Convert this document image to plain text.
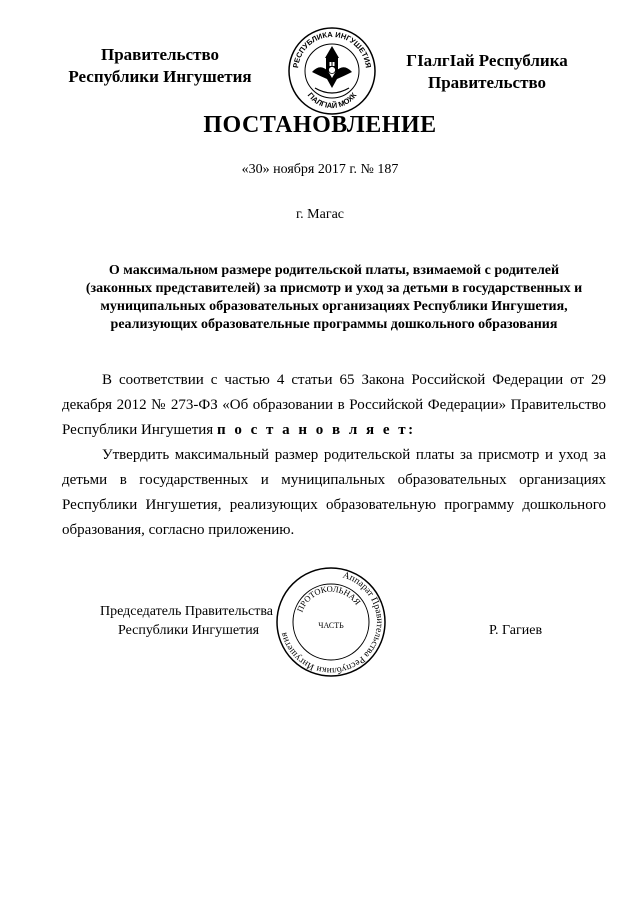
Правительство
Республики Ингушетия
РЕСПУБЛИКА ИНГУШЕТИЯ
ГIАЛГIАЙ МОХК
ГIалгIай Республика
Правительство
ПОСТАНОВЛЕНИЕ
«30» ноября 2017 г. № 187
г. Магас
О максимальном размере родительской платы, взимаемой с родителей
(законных представителей) за присмотр и уход за детьми в государственных и
муниципальных образовательных организациях Республики Ингушетия,
реализующих образовательные программы дошкольного образования

В соответствии с частью 4 статьи 65 Закона Российской Федерации от 29 декабря 2012 № 273-ФЗ «Об образовании в Российской Федерации» Правительство Республики Ингушетия п о с т а н о в л я е т:

Утвердить максимальный размер родительской платы за присмотр и уход за детьми в государственных и муниципальных образовательных организациях Республики Ингушетия, реализующих образовательную программу дошкольного образования, согласно приложению.

Председатель Правительства
Республики Ингушетия	Р. Гагиев
Аппарат Правительства Республики Ингушетия
ПРОТОКОЛЬНАЯ
ЧАСТЬ
